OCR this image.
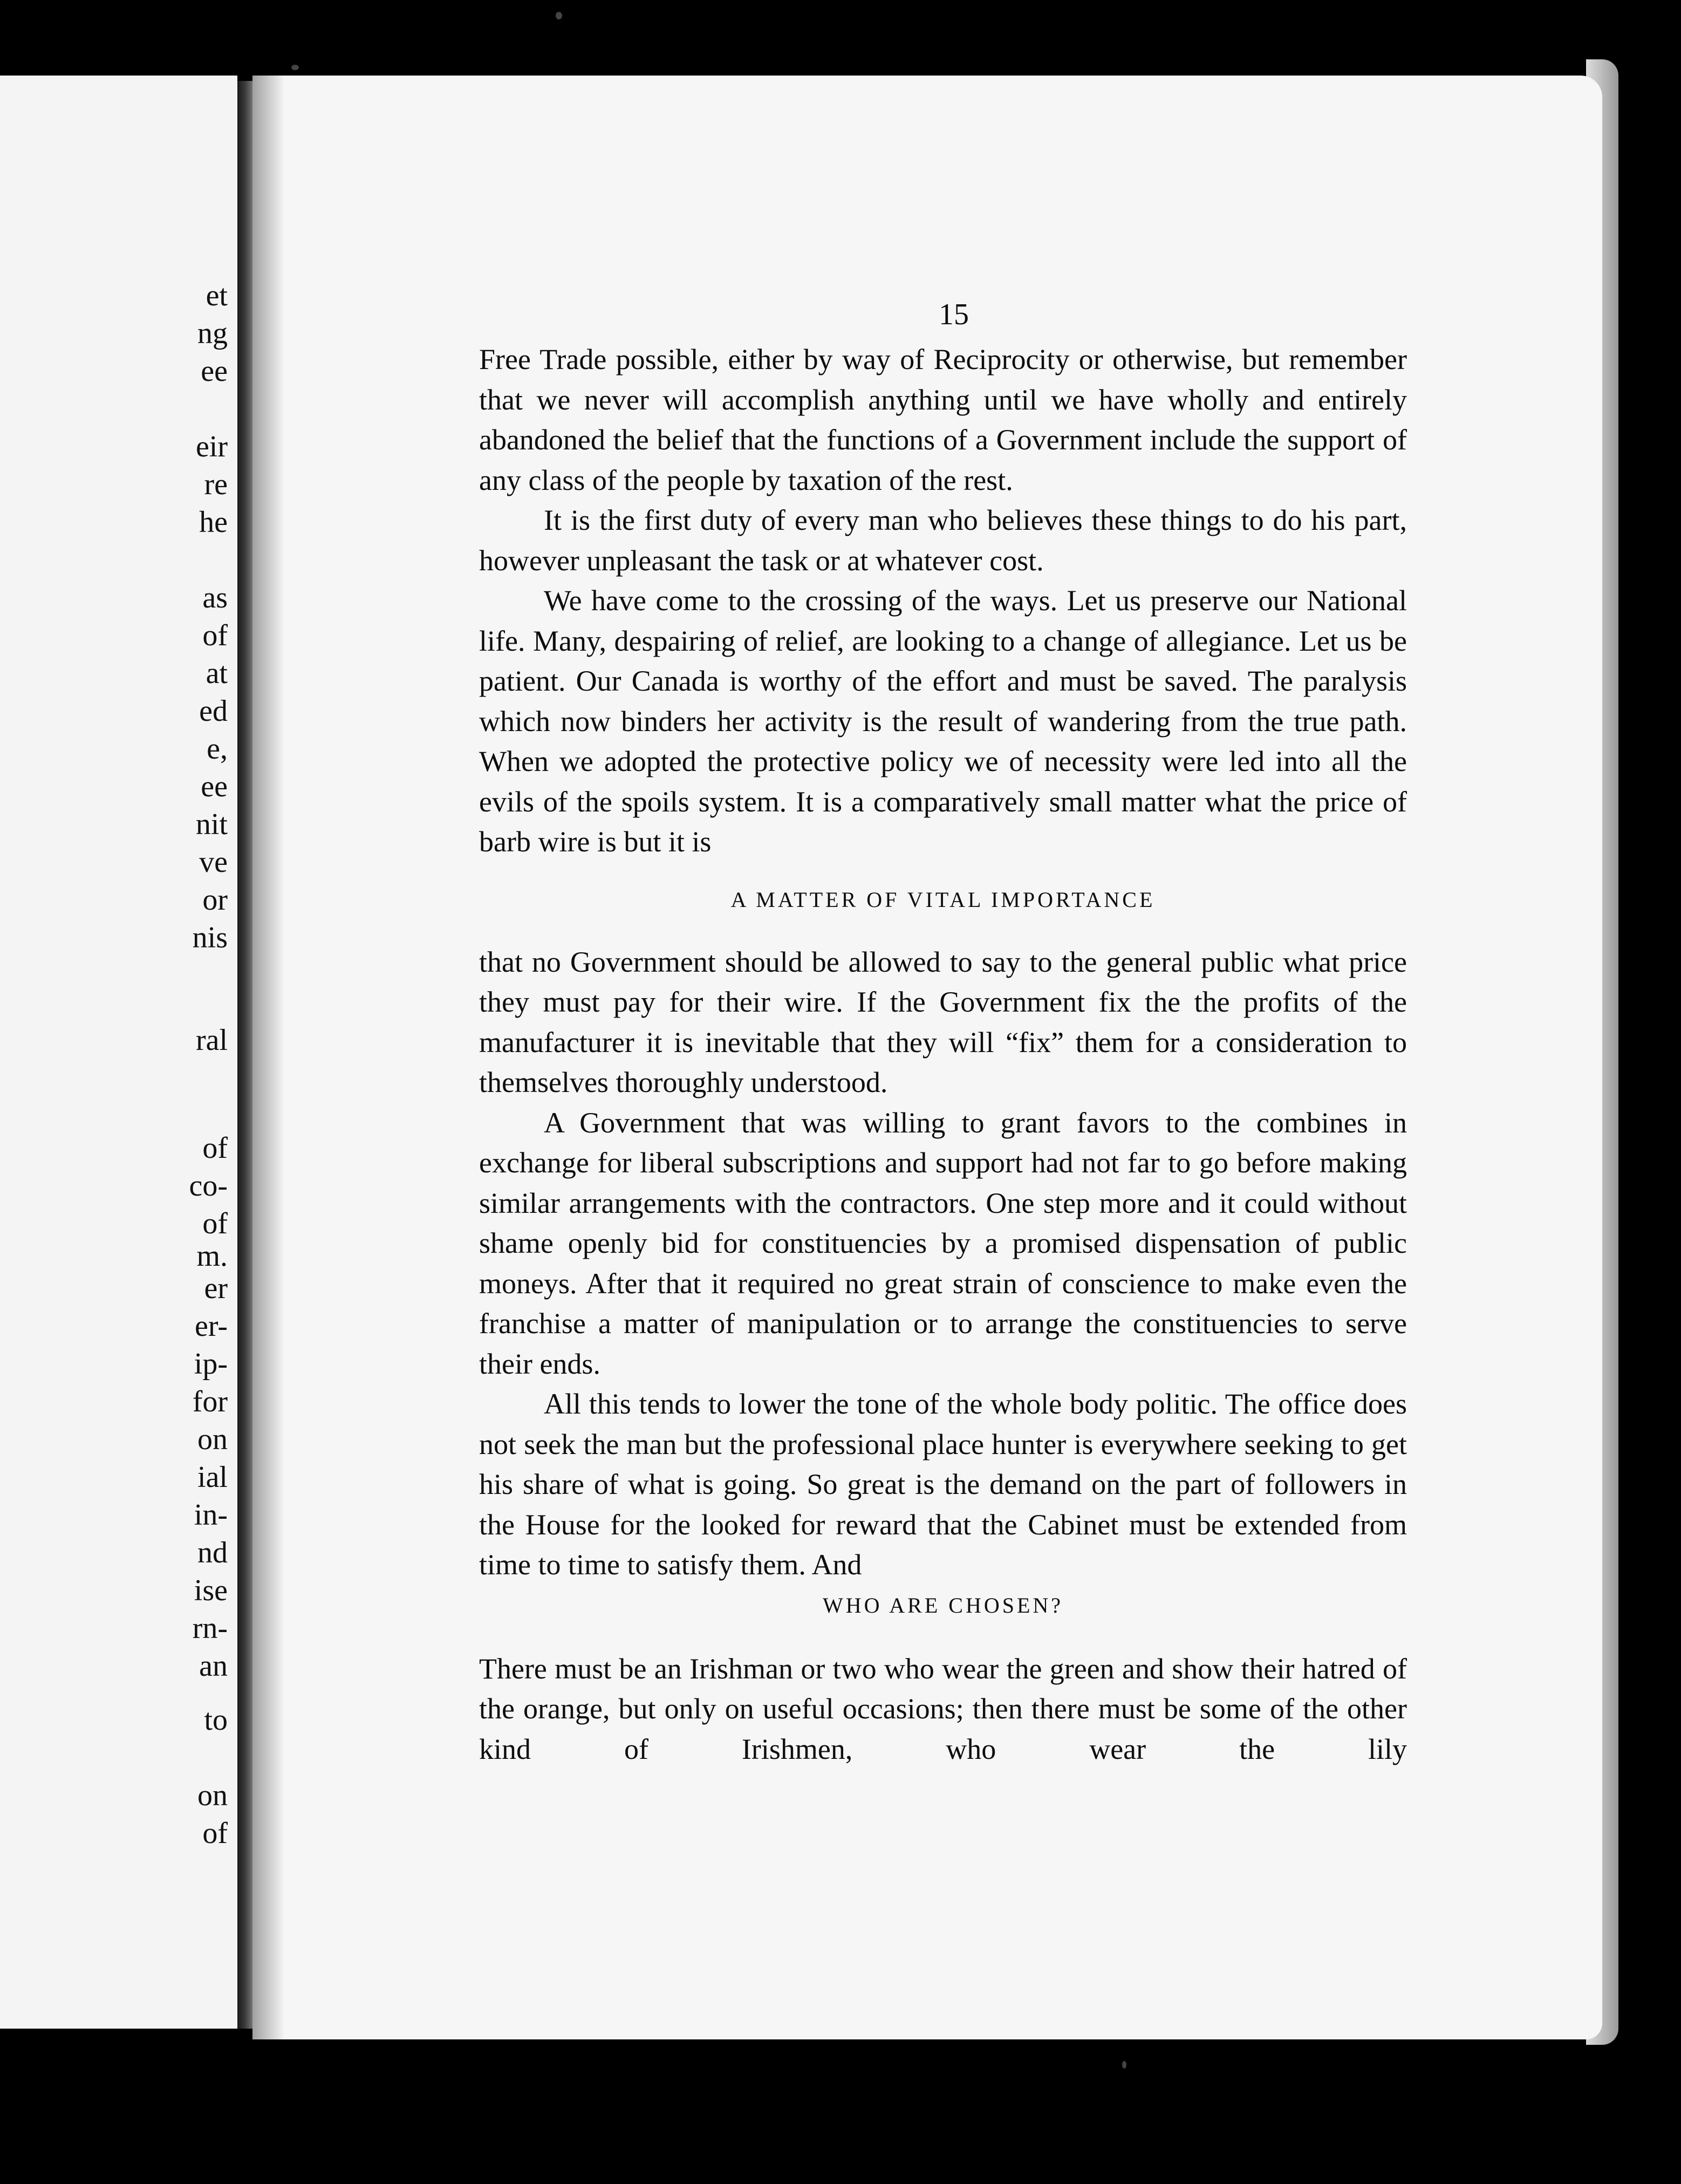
et
ng
ee
eir
re
he
as
of
at
ed
e,
ee
nit
ve
or
nis
ral
of
co-
of
m.
er
er-
ip-
for
on
ial
in-
nd
ise
rn-
an
to
on
of
15

Free Trade possible, either by way of Reciprocity or otherwise, but remember that we never will accomplish anything until we have wholly and entirely abandoned the belief that the functions of a Government include the support of any class of the people by taxation of the rest.

It is the first duty of every man who believes these things to do his part, however unpleasant the task or at whatever cost.

We have come to the crossing of the ways. Let us preserve our National life. Many, despairing of relief, are looking to a change of allegiance. Let us be patient. Our Canada is worthy of the effort and must be saved. The paralysis which now binders her activity is the result of wandering from the true path. When we adopted the protective policy we of necessity were led into all the evils of the spoils system. It is a comparatively small matter what the price of barb wire is but it is

A MATTER OF VITAL IMPORTANCE

that no Government should be allowed to say to the general public what price they must pay for their wire. If the Government fix the the profits of the manufacturer it is inevitable that they will “fix” them for a consideration to themselves thoroughly understood.

A Government that was willing to grant favors to the combines in exchange for liberal subscriptions and support had not far to go before making similar arrangements with the contractors. One step more and it could without shame openly bid for constituencies by a promised dispensation of public moneys. After that it required no great strain of conscience to make even the franchise a matter of manipulation or to arrange the constituencies to serve their ends.

All this tends to lower the tone of the whole body politic. The office does not seek the man but the professional place hunter is everywhere seeking to get his share of what is going. So great is the demand on the part of followers in the House for the looked for reward that the Cabinet must be extended from time to time to satisfy them. And

WHO ARE CHOSEN?

There must be an Irishman or two who wear the green and show their hatred of the orange, but only on useful occasions; then there must be some of the other kind of Irishmen, who wear the lily
